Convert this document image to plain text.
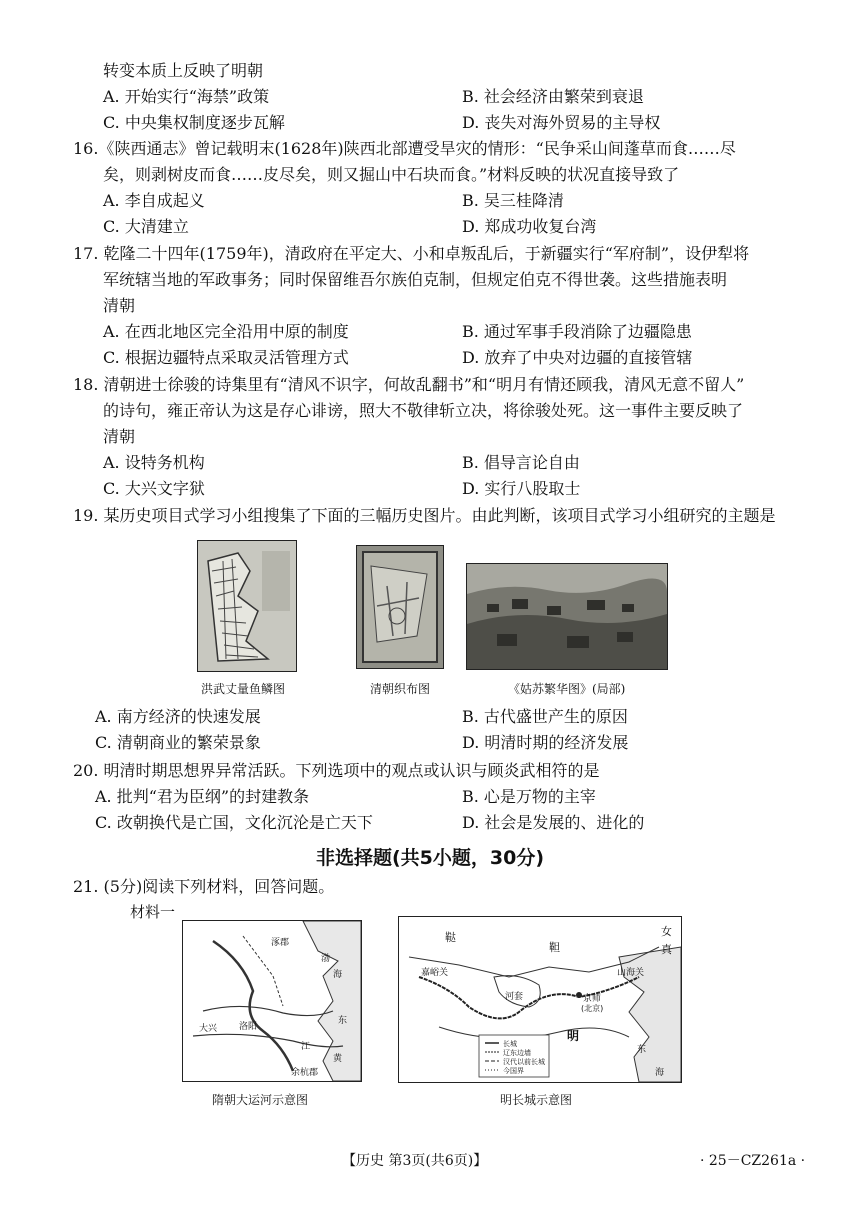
转变本质上反映了明朝
A. 开始实行“海禁”政策	B. 社会经济由繁荣到衰退
C. 中央集权制度逐步瓦解	D. 丧失对海外贸易的主导权
16.《陕西通志》曾记载明末(1628年)陕西北部遭受旱灾的情形：“民争采山间蓬草而食……尽
矣，则剥树皮而食……皮尽矣，则又掘山中石块而食。”材料反映的状况直接导致了
A. 李自成起义	B. 吴三桂降清
C. 大清建立	D. 郑成功收复台湾
17. 乾隆二十四年(1759年)，清政府在平定大、小和卓叛乱后，于新疆实行“军府制”，设伊犁将
军统辖当地的军政事务；同时保留维吾尔族伯克制，但规定伯克不得世袭。这些措施表明
清朝
A. 在西北地区完全沿用中原的制度	B. 通过军事手段消除了边疆隐患
C. 根据边疆特点采取灵活管理方式	D. 放弃了中央对边疆的直接管辖
18. 清朝进士徐骏的诗集里有“清风不识字，何故乱翻书”和“明月有情还顾我，清风无意不留人”
的诗句，雍正帝认为这是存心诽谤，照大不敬律斩立决，将徐骏处死。这一事件主要反映了
清朝
A. 设特务机构	B. 倡导言论自由
C. 大兴文字狱	D. 实行八股取士
19. 某历史项目式学习小组搜集了下面的三幅历史图片。由此判断，该项目式学习小组研究的主题是
洪武丈量鱼鳞图	清朝织布图	《姑苏繁华图》(局部)
A. 南方经济的快速发展	B. 古代盛世产生的原因
C. 清朝商业的繁荣景象	D. 明清时期的经济发展
20. 明清时期思想界异常活跃。下列选项中的观点或认识与顾炎武相符的是
A. 批判“君为臣纲”的封建教条	B. 心是万物的主宰
C. 改朝换代是亡国，文化沉沦是亡天下	D. 社会是发展的、进化的
非选择题(共5小题，30分)
21. (5分)阅读下列材料，回答问题。
材料一
涿郡
渤
海
大兴 洛阳
余杭郡
江
东
黄
隋朝大运河示意图
鞑
靼
女
真
嘉峪关
河套
山海关
京师
(北京)
明
东
海
长城
辽东边墙
汉代以前长城
今国界
明长城示意图
【历史 第3页(共6页)】	· 25－CZ261a ·
